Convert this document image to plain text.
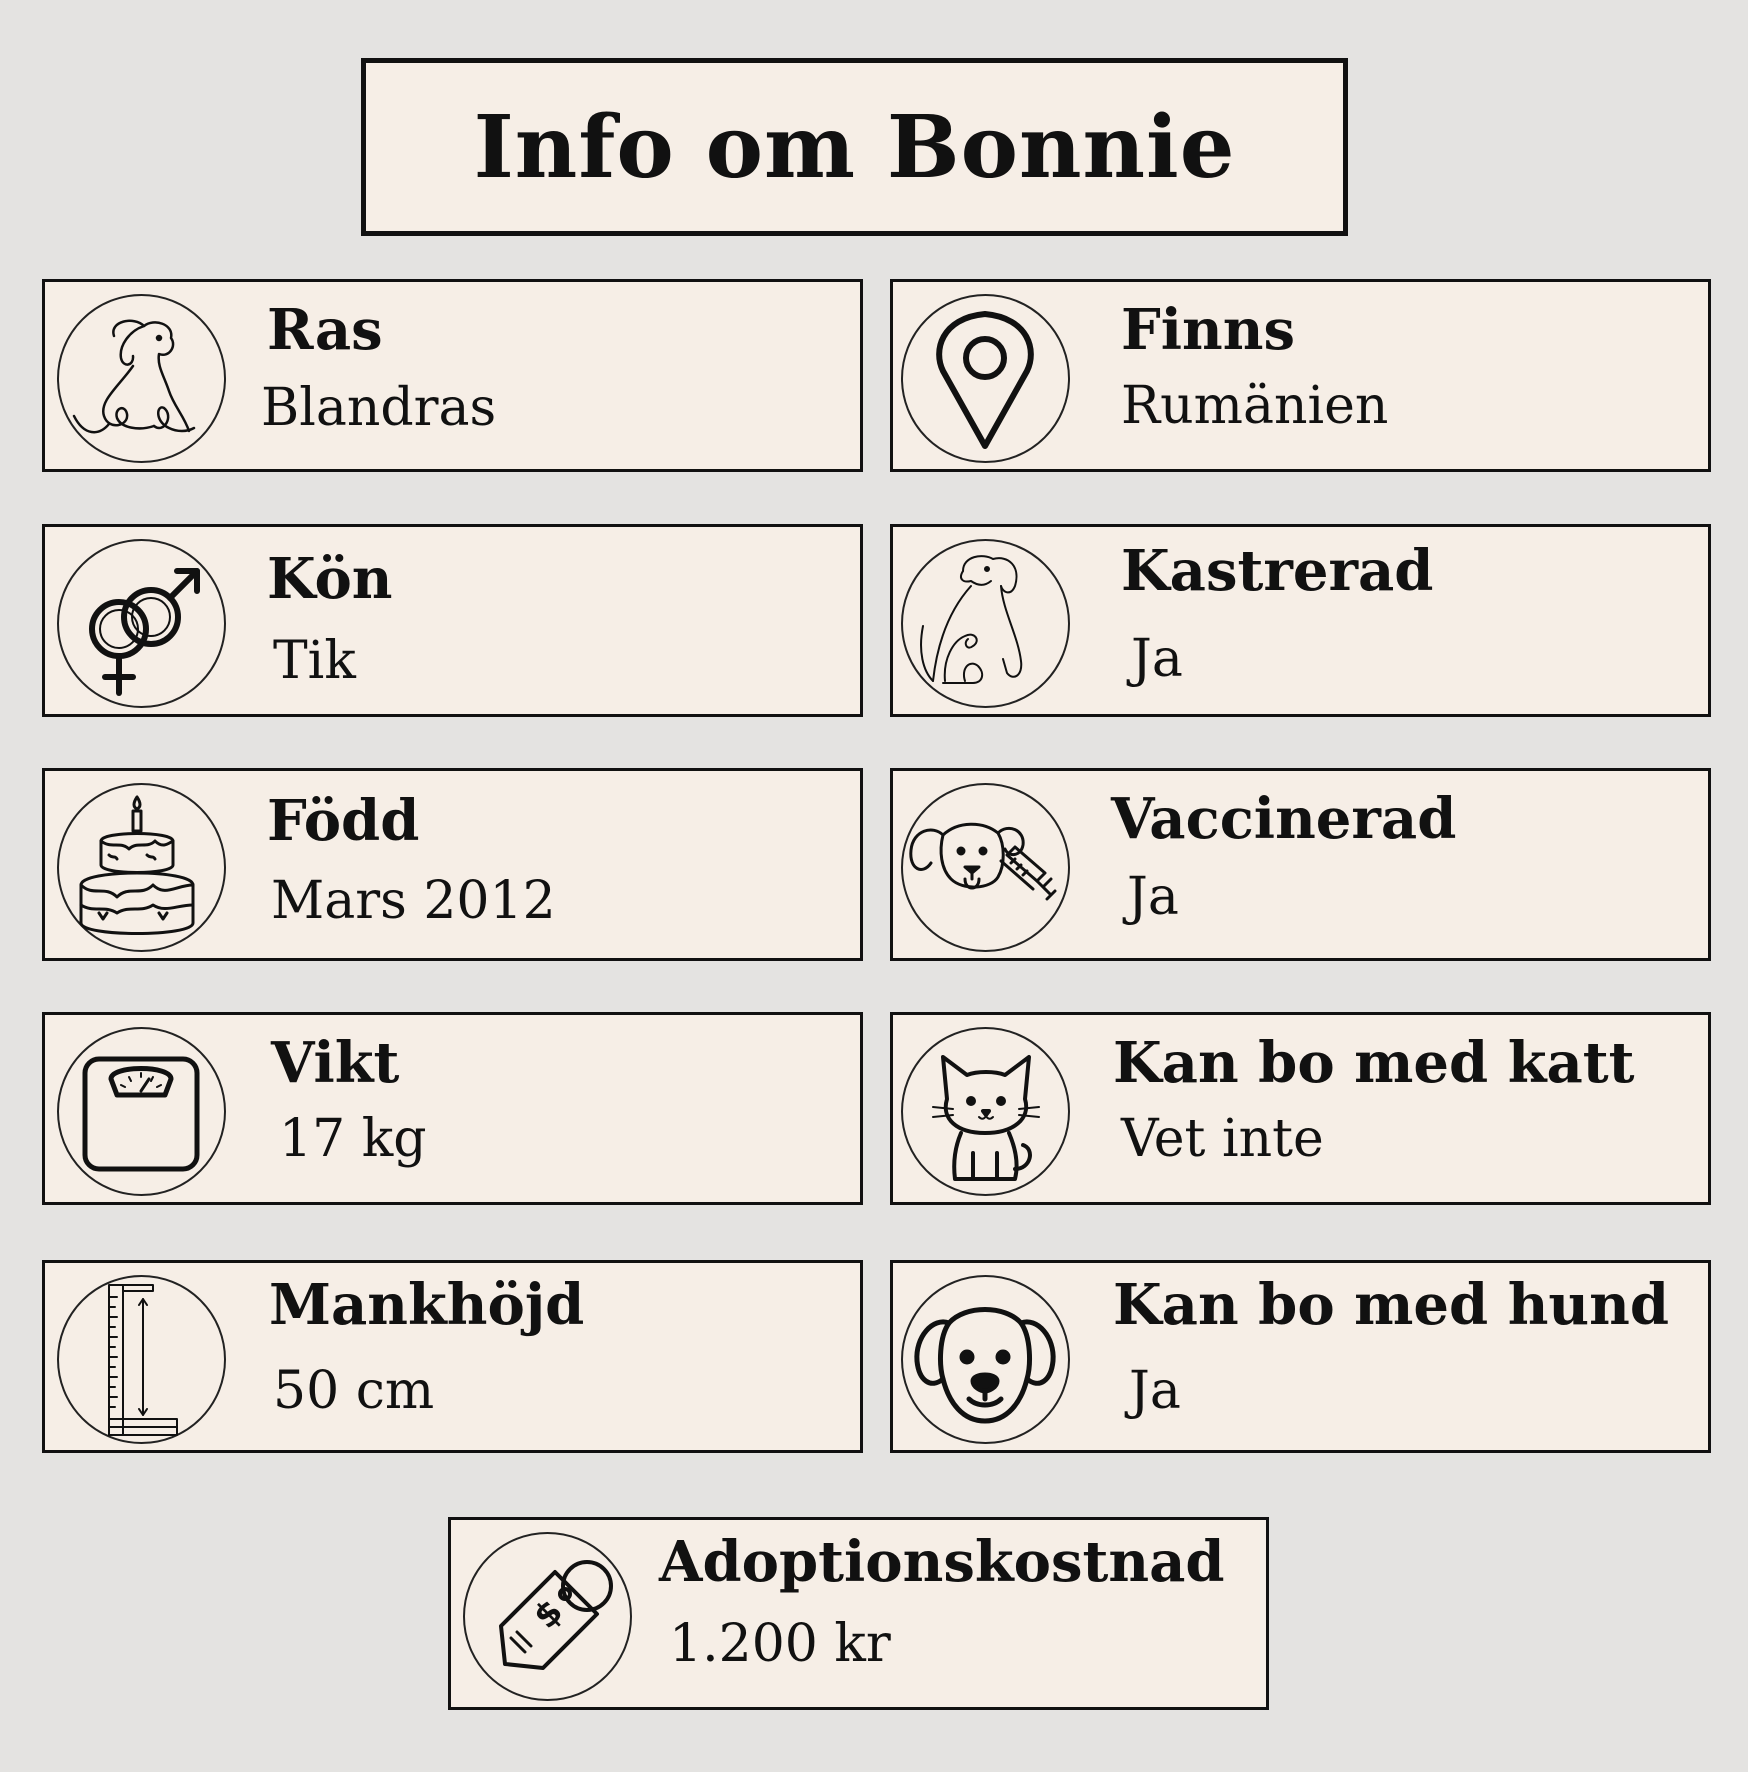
Info om Bonnie
Ras
Blandras
Finns
Rumänien
Kön
Tik
Kastrerad
Ja
Född
Mars 2012
Vaccinerad
Ja
Vikt
17 kg
Kan bo med katt
Vet inte
Mankhöjd
50 cm
Kan bo med hund
Ja
$
Adoptionskostnad
1.200 kr
